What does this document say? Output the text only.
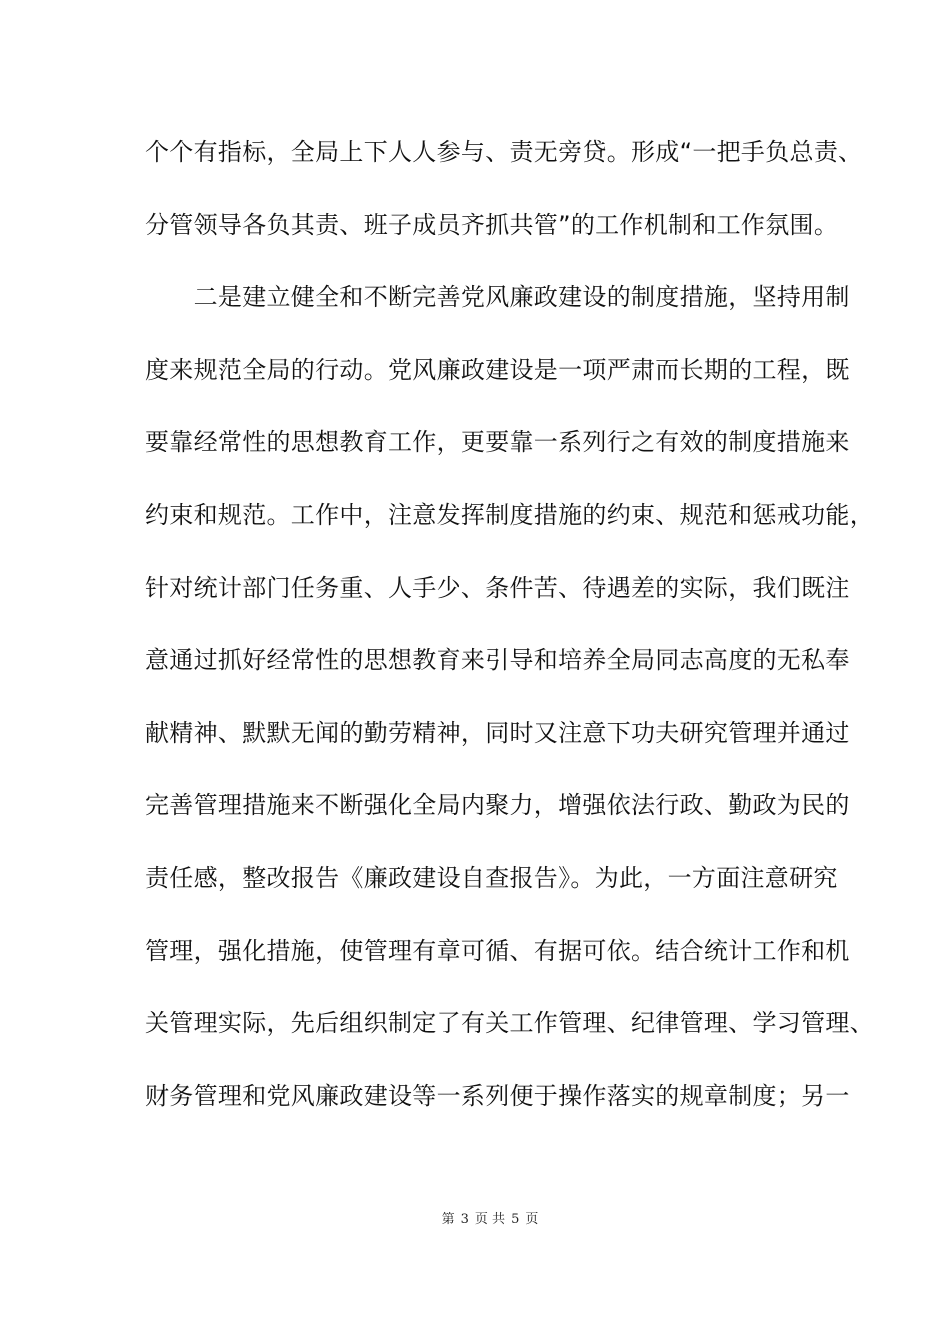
个个有指标，全局上下人人参与、责无旁贷。形成“一把手负总责、
分管领导各负其责、班子成员齐抓共管”的工作机制和工作氛围。
　　二是建立健全和不断完善党风廉政建设的制度措施，坚持用制
度来规范全局的行动。党风廉政建设是一项严肃而长期的工程，既
要靠经常性的思想教育工作，更要靠一系列行之有效的制度措施来
约束和规范。工作中，注意发挥制度措施的约束、规范和惩戒功能，
针对统计部门任务重、人手少、条件苦、待遇差的实际，我们既注
意通过抓好经常性的思想教育来引导和培养全局同志高度的无私奉
献精神、默默无闻的勤劳精神，同时又注意下功夫研究管理并通过
完善管理措施来不断强化全局内聚力，增强依法行政、勤政为民的
责任感，整改报告《廉政建设自查报告》。为此，一方面注意研究
管理，强化措施，使管理有章可循、有据可依。结合统计工作和机
关管理实际，先后组织制定了有关工作管理、纪律管理、学习管理、
财务管理和党风廉政建设等一系列便于操作落实的规章制度；另一
第 3 页 共 5 页
